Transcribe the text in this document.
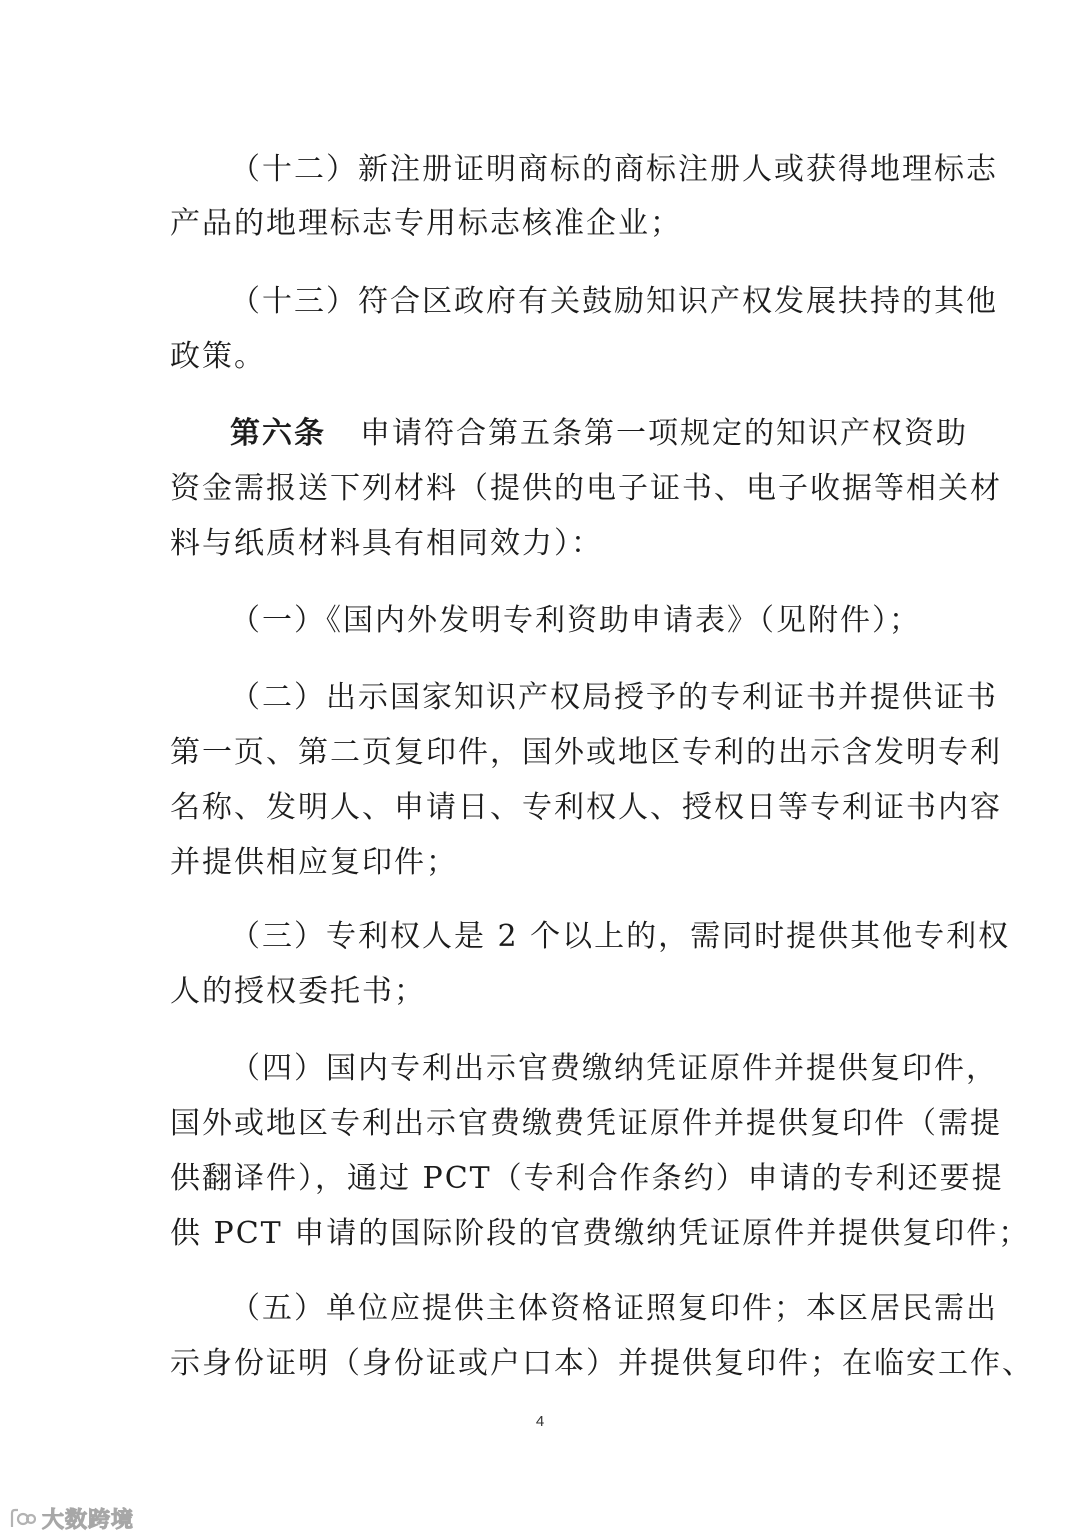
（十二）新注册证明商标的商标注册人或获得地理标志
产品的地理标志专用标志核准企业；
（十三）符合区政府有关鼓励知识产权发展扶持的其他
政策。
第六条 申请符合第五条第一项规定的知识产权资助
资金需报送下列材料（提供的电子证书、电子收据等相关材
料与纸质材料具有相同效力）：
（一）《国内外发明专利资助申请表》（见附件）；
（二）出示国家知识产权局授予的专利证书并提供证书
第一页、第二页复印件，国外或地区专利的出示含发明专利
名称、发明人、申请日、专利权人、授权日等专利证书内容
并提供相应复印件；
（三）专利权人是 2 个以上的，需同时提供其他专利权
人的授权委托书；
（四）国内专利出示官费缴纳凭证原件并提供复印件，
国外或地区专利出示官费缴费凭证原件并提供复印件（需提
供翻译件），通过 PCT（专利合作条约）申请的专利还要提
供 PCT 申请的国际阶段的官费缴纳凭证原件并提供复印件；
（五）单位应提供主体资格证照复印件；本区居民需出
示身份证明（身份证或户口本）并提供复印件；在临安工作、
4
大数跨境
